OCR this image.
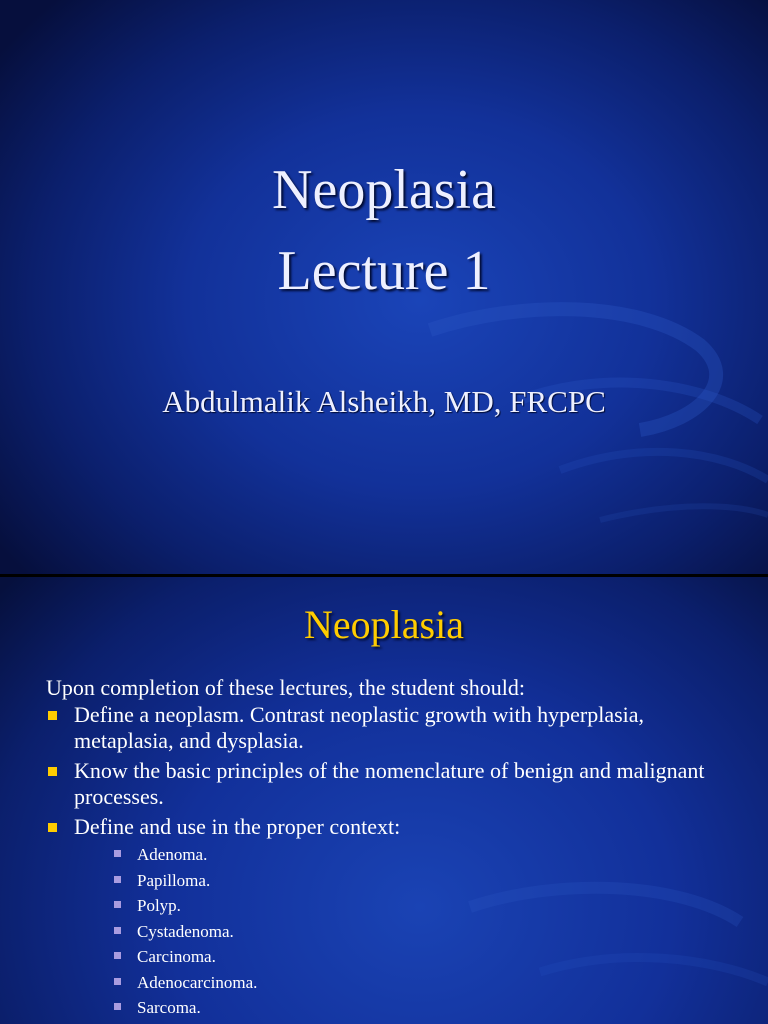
Neoplasia
Lecture 1
Abdulmalik Alsheikh, MD, FRCPC
Neoplasia
Upon completion of these lectures, the student should:
Define a neoplasm. Contrast neoplastic growth with hyperplasia, metaplasia, and dysplasia.
Know the basic principles of the nomenclature of benign and malignant processes.
Define and use in the proper context:
Adenoma.
Papilloma.
Polyp.
Cystadenoma.
Carcinoma.
Adenocarcinoma.
Sarcoma.
